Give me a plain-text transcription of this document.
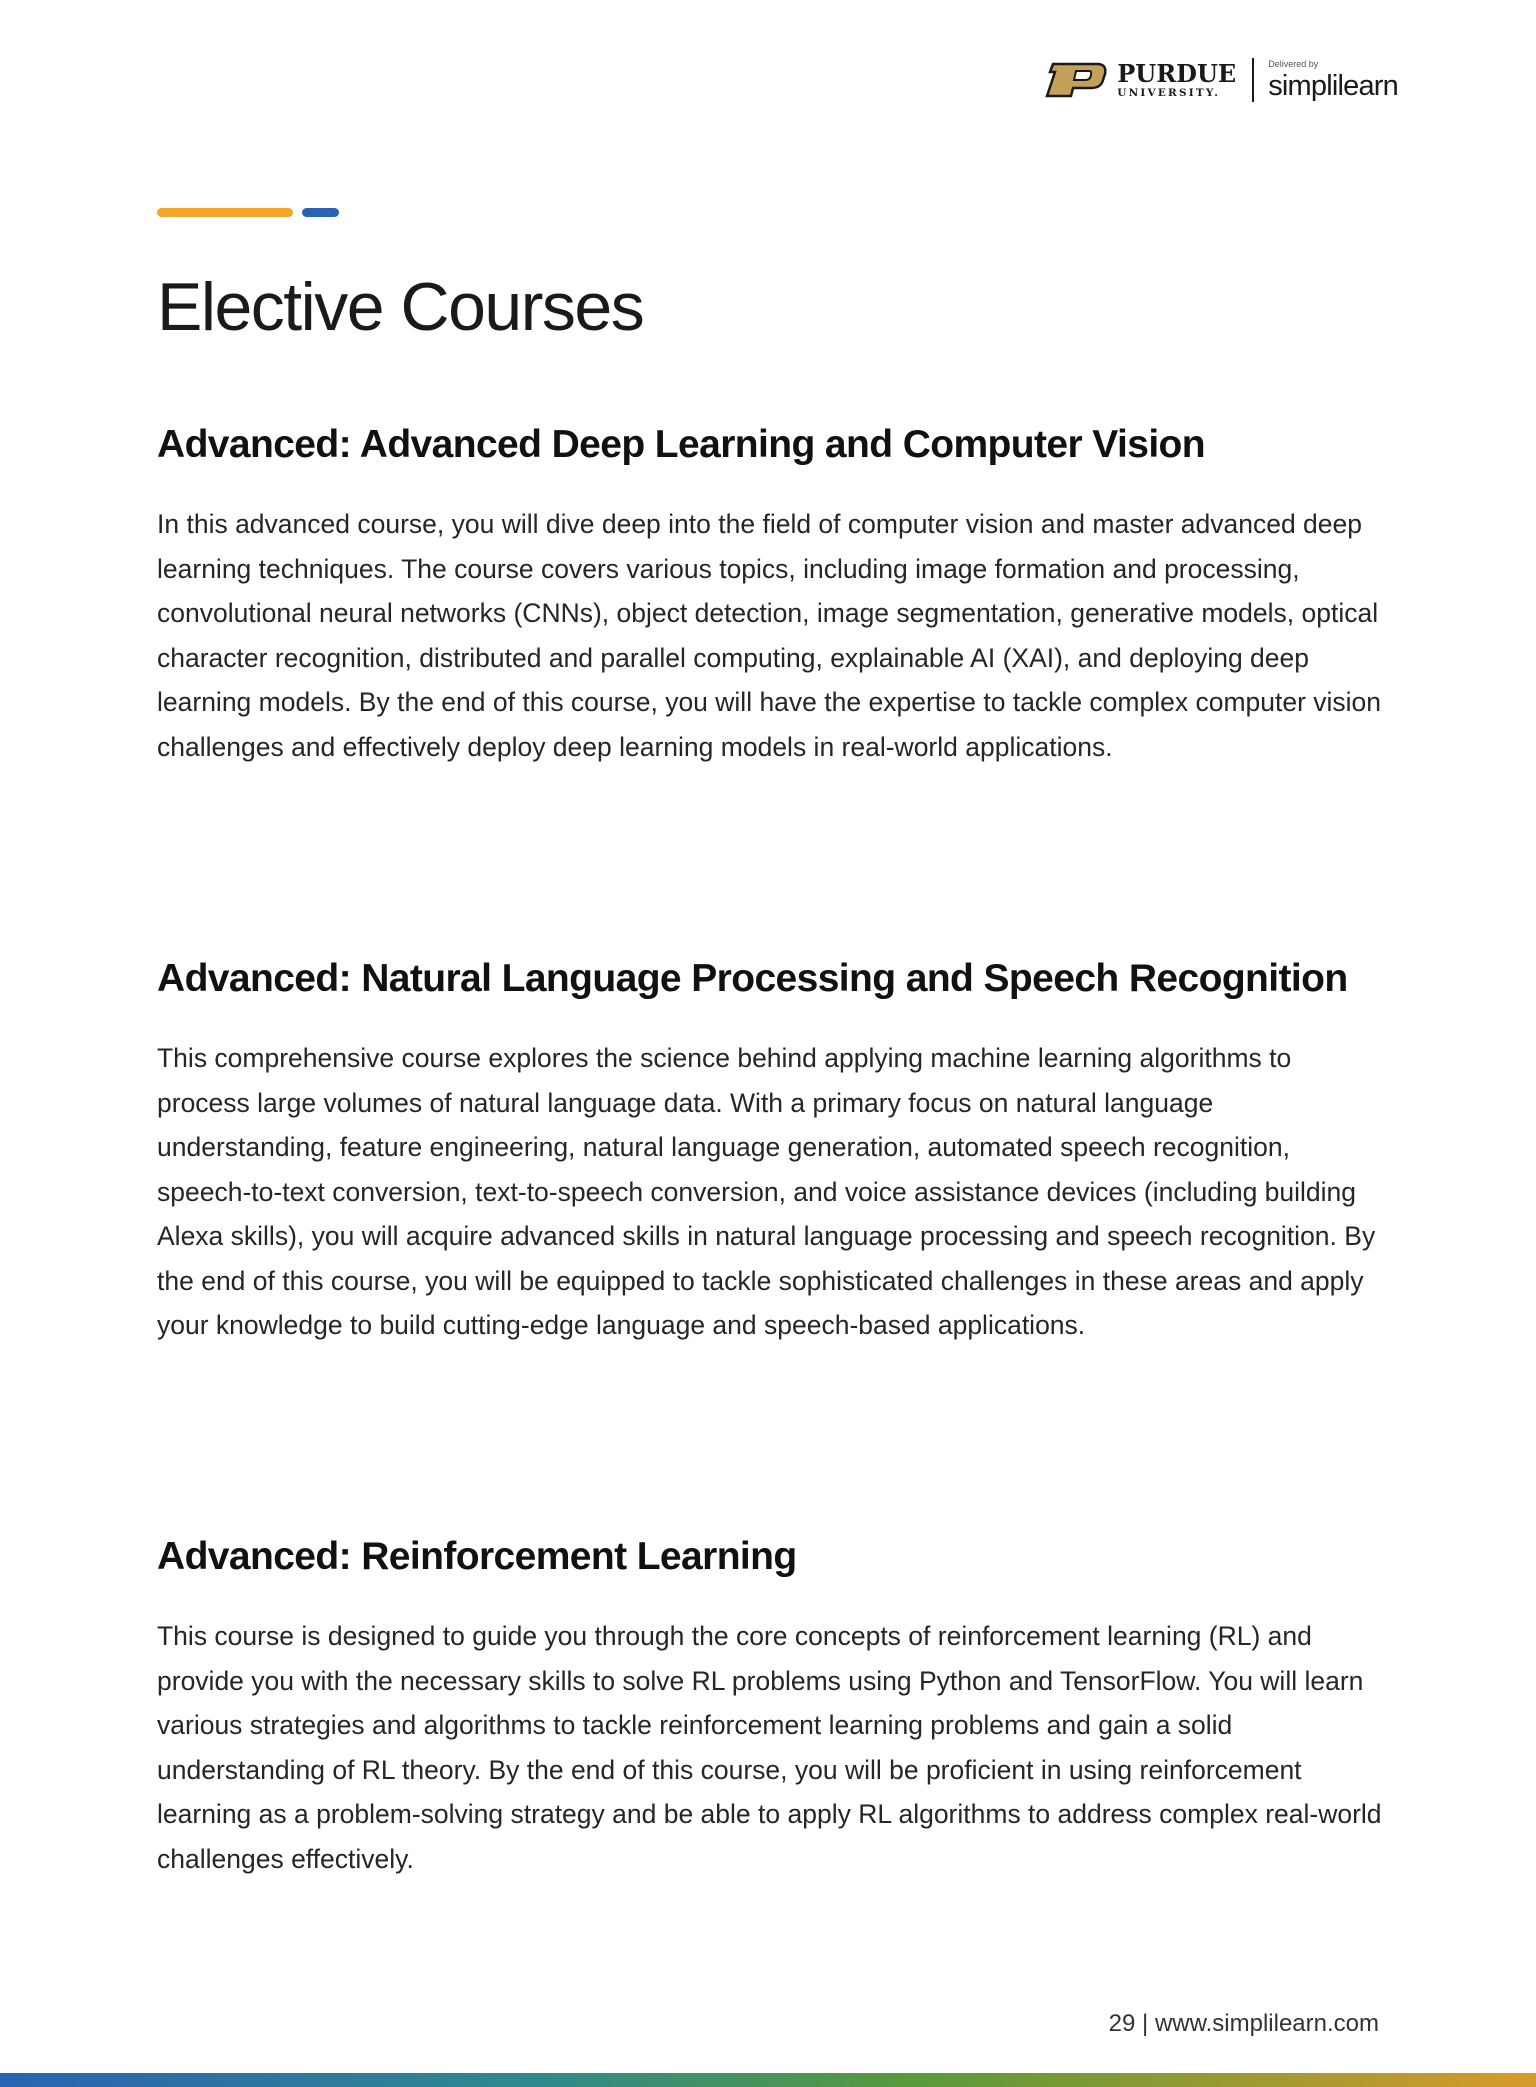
PURDUE
UNIVERSITY.
Delivered by
simplilearn
Elective Courses
Advanced: Advanced Deep Learning and Computer Vision

In this advanced course, you will dive deep into the field of computer vision and master advanced deep learning techniques. The course covers various topics, including image formation and processing, convolutional neural networks (CNNs), object detection, image segmentation, generative models, optical character recognition, distributed and parallel computing, explainable AI (XAI), and deploying deep learning models. By the end of this course, you will have the expertise to tackle complex computer vision challenges and effectively deploy deep learning models in real-world applications.

Advanced: Natural Language Processing and Speech Recognition

This comprehensive course explores the science behind applying machine learning algorithms to process large volumes of natural language data. With a primary focus on natural language understanding, feature engineering, natural language generation, automated speech recognition, speech-to-text conversion, text-to-speech conversion, and voice assistance devices (including building Alexa skills), you will acquire advanced skills in natural language processing and speech recognition. By the end of this course, you will be equipped to tackle sophisticated challenges in these areas and apply your knowledge to build cutting-edge language and speech-based applications.

Advanced: Reinforcement Learning

This course is designed to guide you through the core concepts of reinforcement learning (RL) and provide you with the necessary skills to solve RL problems using Python and TensorFlow. You will learn various strategies and algorithms to tackle reinforcement learning problems and gain a solid understanding of RL theory. By the end of this course, you will be proficient in using reinforcement learning as a problem-solving strategy and be able to apply RL algorithms to address complex real-world challenges effectively.

29 | www.simplilearn.com
